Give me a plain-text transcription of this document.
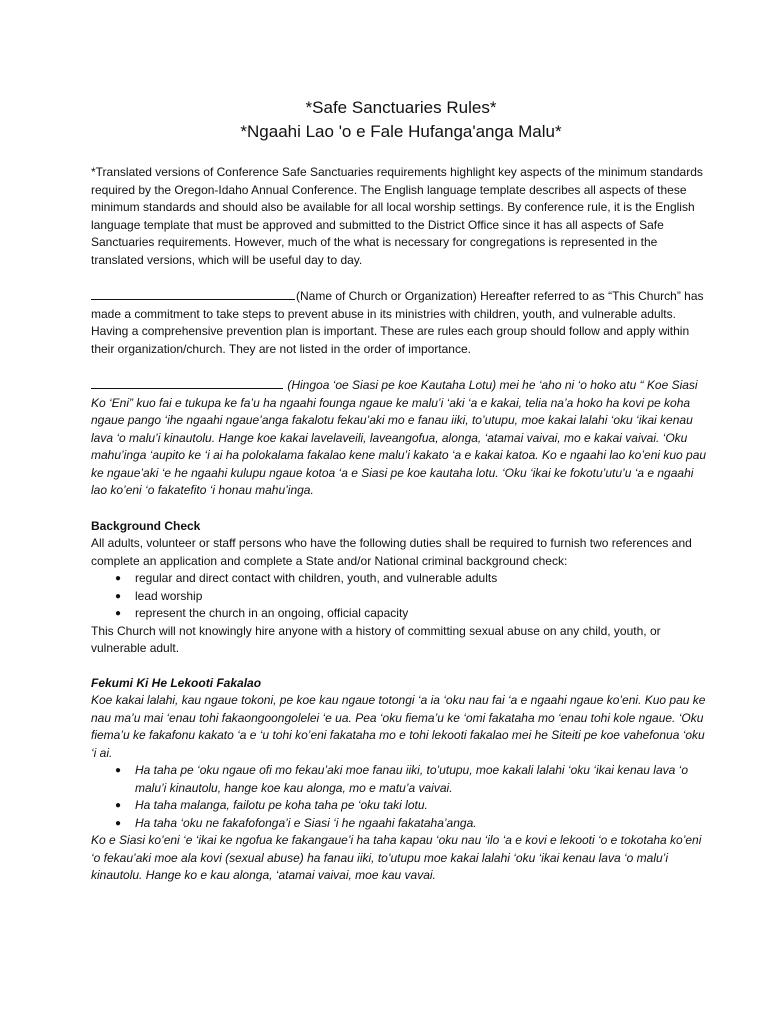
*Safe Sanctuaries Rules*
*Ngaahi Lao 'o e Fale Hufanga'anga Malu*

*Translated versions of Conference Safe Sanctuaries requirements highlight key aspects of the minimum standards required by the Oregon-Idaho Annual Conference. The English language template describes all aspects of these minimum standards and should also be available for all local worship settings. By conference rule, it is the English language template that must be approved and submitted to the District Office since it has all aspects of Safe Sanctuaries requirements. However, much of the what is necessary for congregations is represented in the translated versions, which will be useful day to day.

(Name of Church or Organization) Hereafter referred to as “This Church” has made a commitment to take steps to prevent abuse in its ministries with children, youth, and vulnerable adults. Having a comprehensive prevention plan is important. These are rules each group should follow and apply within their organization/church. They are not listed in the order of importance.

(Hingoa ‘oe Siasi pe koe Kautaha Lotu) mei he ‘aho ni ‘o hoko atu “ Koe Siasi Ko ‘Eni” kuo fai e tukupa ke fa’u ha ngaahi founga ngaue ke malu’i ‘aki ‘a e kakai, telia na’a hoko ha kovi pe koha ngaue pango ‘ihe ngaahi ngaue’anga fakalotu fekau’aki mo e fanau iiki, to’utupu, moe kakai lalahi ‘oku ‘ikai kenau lava ‘o malu’i kinautolu. Hange koe kakai lavelaveili, laveangofua, alonga, ‘atamai vaivai, mo e kakai vaivai. ‘Oku mahu’inga ‘aupito ke ‘i ai ha polokalama fakalao kene malu’i kakato ‘a e kakai katoa. Ko e ngaahi lao ko’eni kuo pau ke ngaue’aki ‘e he ngaahi kulupu ngaue kotoa ‘a e Siasi pe koe kautaha lotu. ‘Oku ‘ikai ke fokotu’utu’u ‘a e ngaahi lao ko’eni ‘o fakatefito ‘i honau mahu’inga.

Background Check

All adults, volunteer or staff persons who have the following duties shall be required to furnish two references and complete an application and complete a State and/or National criminal background check:

● regular and direct contact with children, youth, and vulnerable adults
● lead worship
● represent the church in an ongoing, official capacity

This Church will not knowingly hire anyone with a history of committing sexual abuse on any child, youth, or vulnerable adult.

Fekumi Ki He Lekooti Fakalao

Koe kakai lalahi, kau ngaue tokoni, pe koe kau ngaue totongi ‘a ia ‘oku nau fai ‘a e ngaahi ngaue ko’eni. Kuo pau ke nau ma’u mai ‘enau tohi fakaongoongolelei ‘e ua. Pea ‘oku fiema’u ke ‘omi fakataha mo ‘enau tohi kole ngaue. ‘Oku fiema’u ke fakafonu kakato ‘a e ‘u tohi ko’eni fakataha mo e tohi lekooti fakalao mei he Siteiti pe koe vahefonua ‘oku ‘i ai.

● Ha taha pe ‘oku ngaue ofi mo fekau’aki moe fanau iiki, to’utupu, moe kakali lalahi ‘oku ‘ikai kenau lava ‘o malu’i kinautolu, hange koe kau alonga, mo e matu’a vaivai.
● Ha taha malanga, failotu pe koha taha pe ‘oku taki lotu.
● Ha taha ‘oku ne fakafofonga’i e Siasi ‘i he ngaahi fakataha’anga.

Ko e Siasi ko’eni ‘e ‘ikai ke ngofua ke fakangaue’i ha taha kapau ‘oku nau ‘ilo ‘a e kovi e lekooti ‘o e tokotaha ko’eni ‘o fekau’aki moe ala kovi (sexual abuse) ha fanau iiki, to’utupu moe kakai lalahi ‘oku ‘ikai kenau lava ‘o malu’i kinautolu. Hange ko e kau alonga, ‘atamai vaivai, moe kau vavai.
